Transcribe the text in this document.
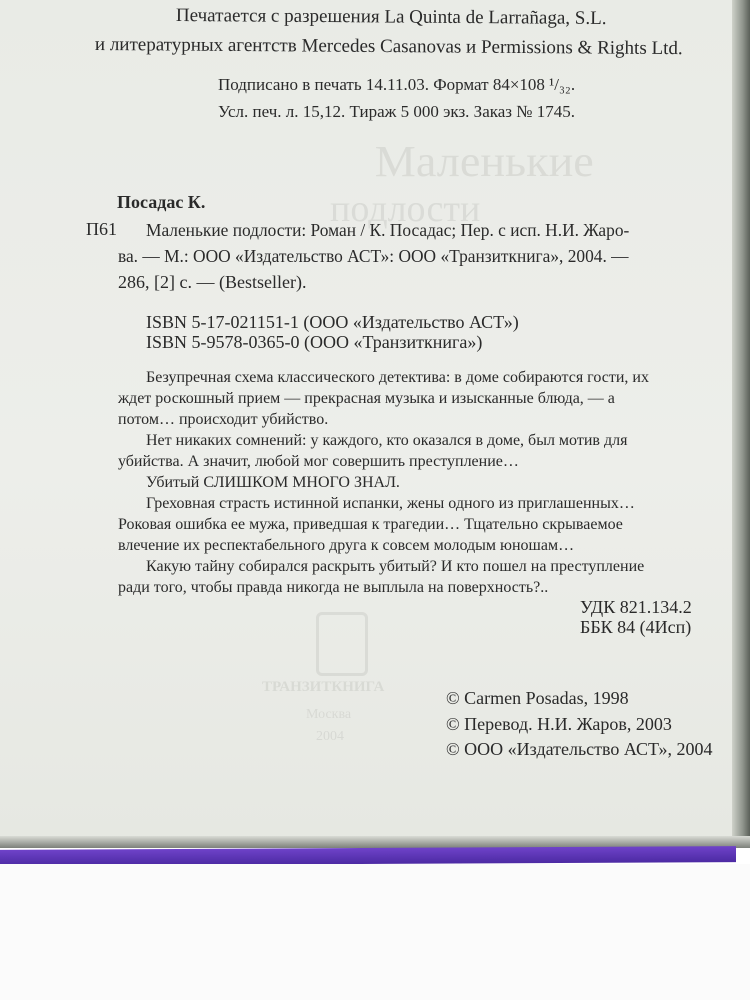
Маленькие
подлости
ТРАНЗИТКНИГА
Москва
2004
Печатается с разрешения La Quinta de Larrañaga, S.L.
и литературных агентств Mercedes Casanovas и Permissions & Rights Ltd.
Подписано в печать 14.11.03. Формат 84×108 ¹/₃₂.
Усл. печ. л. 15,12. Тираж 5 000 экз. Заказ № 1745.
Посадас К.
П61 Маленькие подлости: Роман / К. Посадас; Пер. с исп. Н.И. Жаро-
ва. — М.: ООО «Издательство АСТ»: ООО «Транзиткнига», 2004. —
286, [2] с. — (Bestseller).
ISBN 5-17-021151-1 (ООО «Издательство АСТ»)
ISBN 5-9578-0365-0 (ООО «Транзиткнига»)
Безупречная схема классического детектива: в доме собираются гости, их
ждет роскошный прием — прекрасная музыка и изысканные блюда, — а
потом… происходит убийство.
Нет никаких сомнений: у каждого, кто оказался в доме, был мотив для
убийства. А значит, любой мог совершить преступление…
Убитый СЛИШКОМ МНОГО ЗНАЛ.
Греховная страсть истинной испанки, жены одного из приглашенных…
Роковая ошибка ее мужа, приведшая к трагедии… Тщательно скрываемое
влечение их респектабельного друга к совсем молодым юношам…
Какую тайну собирался раскрыть убитый? И кто пошел на преступление
ради того, чтобы правда никогда не выплыла на поверхность?..
УДК 821.134.2
ББК 84 (4Исп)
© Carmen Posadas, 1998
© Перевод. Н.И. Жаров, 2003
© ООО «Издательство АСТ», 2004
